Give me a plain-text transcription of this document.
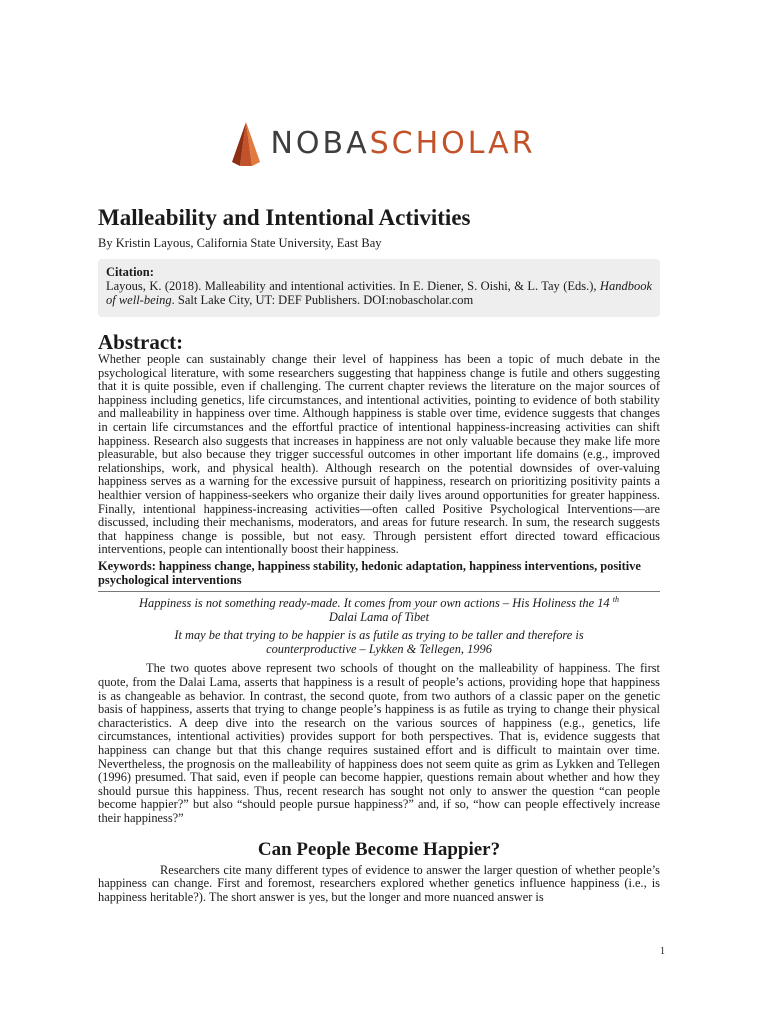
NOBASCHOLAR
Malleability and Intentional Activities
By Kristin Layous, California State University, East Bay
Citation:
Layous, K. (2018). Malleability and intentional activities. In E. Diener, S. Oishi, & L. Tay (Eds.), Handbook of well-being. Salt Lake City, UT: DEF Publishers. DOI:nobascholar.com
Abstract:

Whether people can sustainably change their level of happiness has been a topic of much debate in the psychological literature, with some researchers suggesting that happiness change is futile and others suggesting that it is quite possible, even if challenging. The current chapter reviews the literature on the major sources of happiness including genetics, life circumstances, and intentional activities, pointing to evidence of both stability and malleability in happiness over time. Although happiness is stable over time, evidence suggests that changes in certain life circumstances and the effortful practice of intentional happiness-increasing activities can shift happiness. Research also suggests that increases in happiness are not only valuable because they make life more pleasurable, but also because they trigger successful outcomes in other important life domains (e.g., improved relationships, work, and physical health). Although research on the potential downsides of over-valuing happiness serves as a warning for the excessive pursuit of happiness, research on prioritizing positivity paints a healthier version of happiness-seekers who organize their daily lives around opportunities for greater happiness. Finally, intentional happiness-increasing activities—often called Positive Psychological Interventions—are discussed, including their mechanisms, moderators, and areas for future research. In sum, the research suggests that happiness change is possible, but not easy. Through persistent effort directed toward efficacious interventions, people can intentionally boost their happiness.

Keywords: happiness change, happiness stability, hedonic adaptation, happiness interventions, positive psychological interventions
Happiness is not something ready-made. It comes from your own actions – His Holiness the 14 $^{th}$ Dalai Lama of Tibet
It may be that trying to be happier is as futile as trying to be taller and therefore is counterproductive – Lykken & Tellegen, 1996

The two quotes above represent two schools of thought on the malleability of happiness. The first quote, from the Dalai Lama, asserts that happiness is a result of people’s actions, providing hope that happiness is as changeable as behavior. In contrast, the second quote, from two authors of a classic paper on the genetic basis of happiness, asserts that trying to change people’s happiness is as futile as trying to change their physical characteristics. A deep dive into the research on the various sources of happiness (e.g., genetics, life circumstances, intentional activities) provides support for both perspectives. That is, evidence suggests that happiness can change but that this change requires sustained effort and is difficult to maintain over time. Nevertheless, the prognosis on the malleability of happiness does not seem quite as grim as Lykken and Tellegen (1996) presumed. That said, even if people can become happier, questions remain about whether and how they should pursue this happiness. Thus, recent research has sought not only to answer the question “can people become happier?” but also “should people pursue happiness?” and, if so, “how can people effectively increase their happiness?”

Can People Become Happier?

Researchers cite many different types of evidence to answer the larger question of whether people’s happiness can change. First and foremost, researchers explored whether genetics influence happiness (i.e., is happiness heritable?). The short answer is yes, but the longer and more nuanced answer is

1
